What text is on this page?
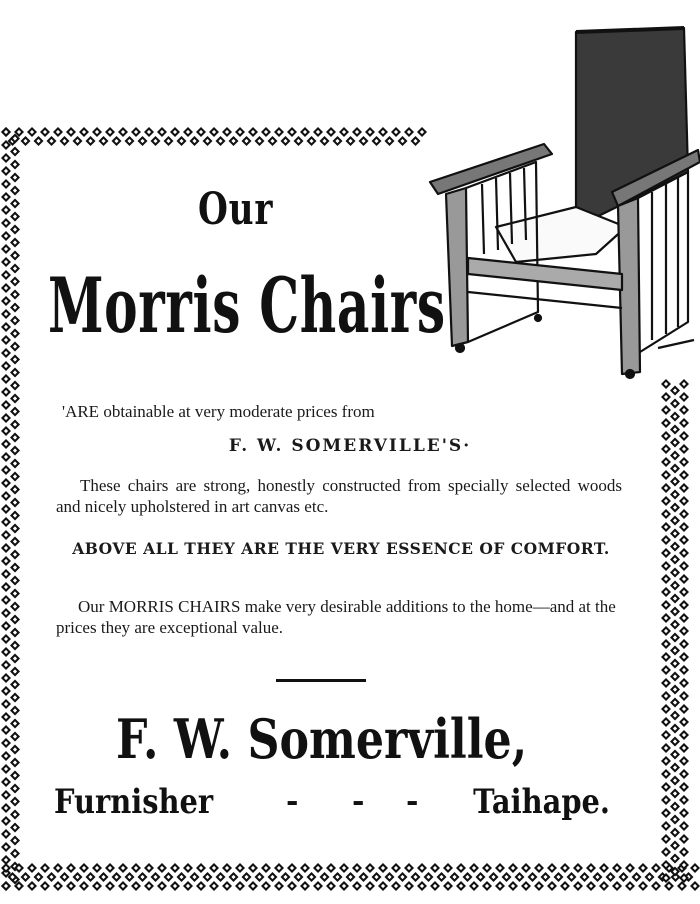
Our
Morris Chairs

'ARE obtainable at very moderate prices from

F. W. SOMERVILLE'S·

These chairs are strong, honestly constructed from specially selected woods and nicely upholstered in art canvas etc.

ABOVE ALL THEY ARE THE VERY ESSENCE OF COMFORT.

Our MORRIS CHAIRS make very desirable additions to the home—and at the prices they are exceptional value.

F. W. Somerville,
Furnisher - - - Taihape.
